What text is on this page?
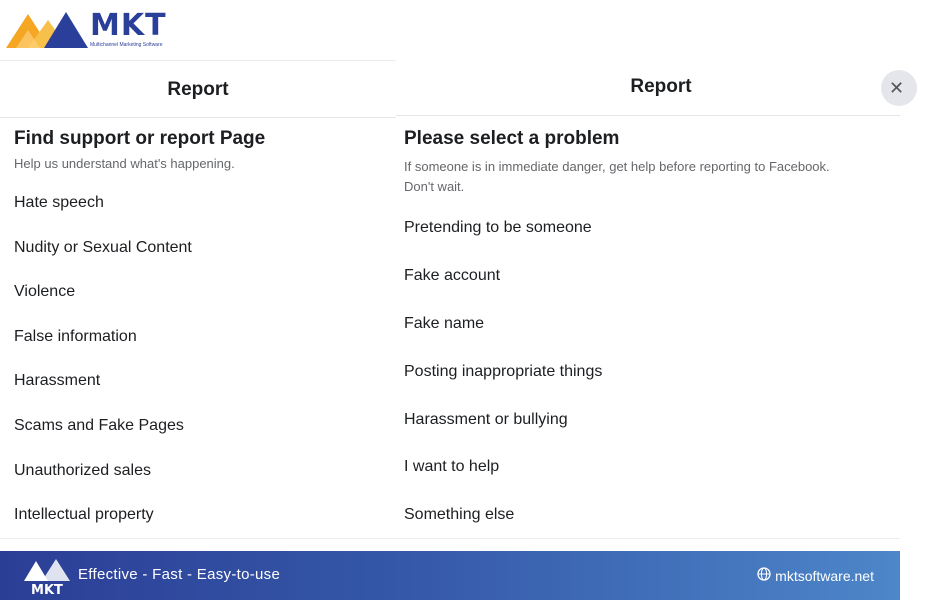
MKT
Multichannel Marketing Software
Report
Find support or report Page
Help us understand what's happening.
Hate speech
Nudity or Sexual Content
Violence
False information
Harassment
Scams and Fake Pages
Unauthorized sales
Intellectual property
Report	✕
Please select a problem
If someone is in immediate danger, get help before reporting to Facebook.
Don't wait.
Pretending to be someone
Fake account
Fake name
Posting inappropriate things
Harassment or bullying
I want to help
Something else
MKT
Effective - Fast - Easy-to-use	mktsoftware.net
